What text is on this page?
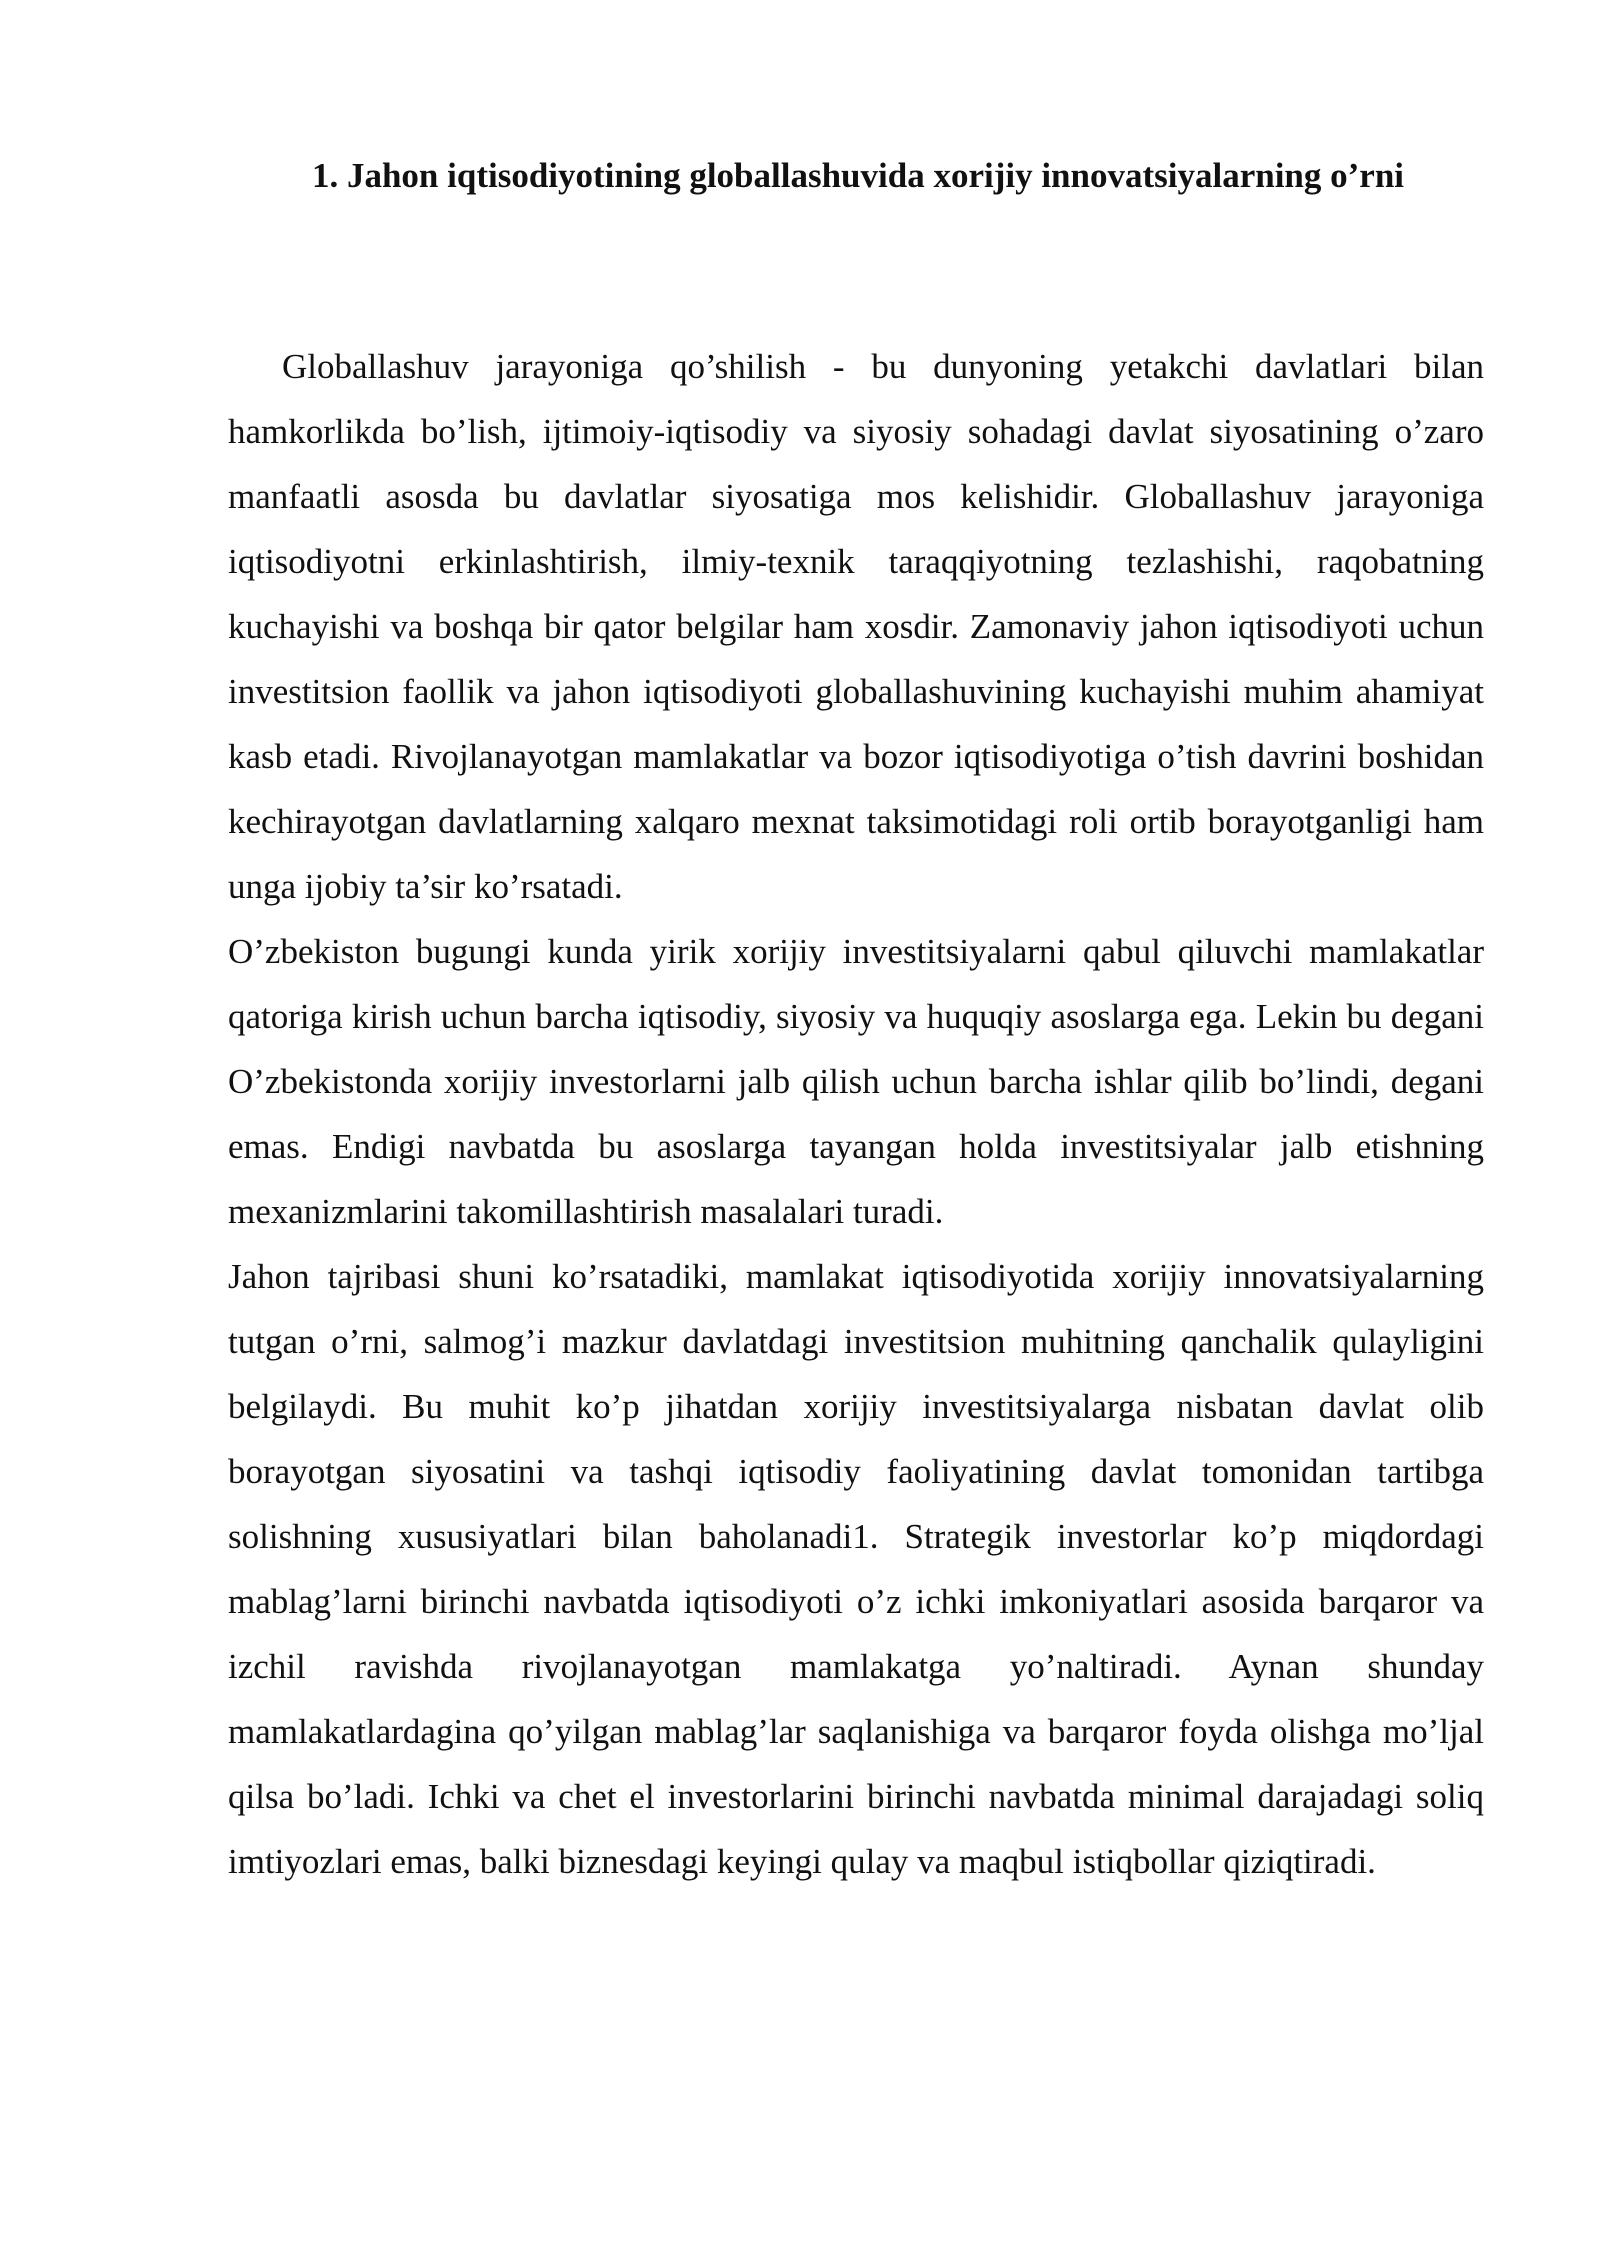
1. Jahon iqtisodiyotining globallashuvida xorijiy innovatsiyalarning o’rni

Globallashuv jarayoniga qo’shilish - bu dunyoning yetakchi davlatlari bilan hamkorlikda bo’lish, ijtimoiy-iqtisodiy va siyosiy sohadagi davlat siyosatining o’zaro manfaatli asosda bu davlatlar siyosatiga mos kelishidir. Globallashuv jarayoniga iqtisodiyotni erkinlashtirish, ilmiy-texnik taraqqiyotning tezlashishi, raqobatning kuchayishi va boshqa bir qator belgilar ham xosdir. Zamonaviy jahon iqtisodiyoti uchun investitsion faollik va jahon iqtisodiyoti globallashuvining kuchayishi muhim ahamiyat kasb etadi. Rivojlanayotgan mamlakatlar va bozor iqtisodiyotiga o’tish davrini boshidan kechirayotgan davlatlarning xalqaro mexnat taksimotidagi roli ortib borayotganligi ham unga ijobiy ta’sir ko’rsatadi.

O’zbekiston bugungi kunda yirik xorijiy investitsiyalarni qabul qiluvchi mamlakatlar qatoriga kirish uchun barcha iqtisodiy, siyosiy va huquqiy asoslarga ega. Lekin bu degani O’zbekistonda xorijiy investorlarni jalb qilish uchun barcha ishlar qilib bo’lindi, degani emas. Endigi navbatda bu asoslarga tayangan holda investitsiyalar jalb etishning mexanizmlarini takomillashtirish masalalari turadi.

Jahon tajribasi shuni ko’rsatadiki, mamlakat iqtisodiyotida xorijiy innovatsiyalarning tutgan o’rni, salmog’i mazkur davlatdagi investitsion muhitning qanchalik qulayligini belgilaydi. Bu muhit ko’p jihatdan xorijiy investitsiyalarga nisbatan davlat olib borayotgan siyosatini va tashqi iqtisodiy faoliyatining davlat tomonidan tartibga solishning xususiyatlari bilan baholanadi1. Strategik investorlar ko’p miqdordagi mablag’larni birinchi navbatda iqtisodiyoti o’z ichki imkoniyatlari asosida barqaror va izchil ravishda rivojlanayotgan mamlakatga yo’naltiradi. Aynan shunday mamlakatlardagina qo’yilgan mablag’lar saqlanishiga va barqaror foyda olishga mo’ljal qilsa bo’ladi. Ichki va chet el investorlarini birinchi navbatda minimal darajadagi soliq imtiyozlari emas, balki biznesdagi keyingi qulay va maqbul istiqbollar qiziqtiradi.
